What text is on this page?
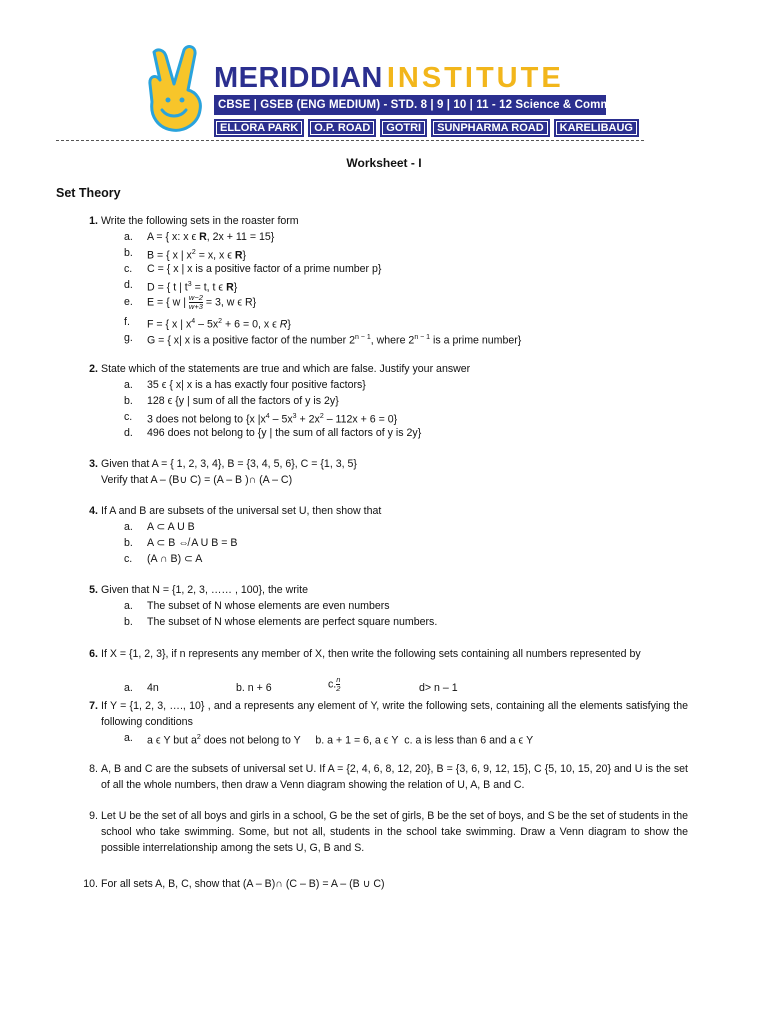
MERIDDIAN INSTITUTE
CBSE | GSEB (ENG MEDIUM) - STD. 8 | 9 | 10 | 11 - 12 Science & Commerce
ELLORA PARK	O.P. ROAD	GOTRI	SUNPHARMA ROAD	KARELIBAUG
Worksheet - I
Set Theory
1. Write the following sets in the roaster form
a. A = { x: x ϵ R, 2x + 11 = 15}
b. B = { x | $x^2 = x$, x ϵ R}
c. C = { x | x is a positive factor of a prime number p}
d. D = { t | $t^3 = t$, t ϵ R}
e. E = { w | $\frac{w-2}{w+3} = 3$, w ϵ R}
f. F = { x | $x^4 - 5x^2 + 6 = 0$, x ϵ R}
g. G = { x| x is a positive factor of the number $2^{n - 1}$, where $2^{n - 1}$ is a prime number}
2. State which of the statements are true and which are false. Justify your answer
a. 35 ϵ { x| x is a has exactly four positive factors}
b. 128 ϵ {y | sum of all the factors of y is 2y}
c. 3 does not belong to {x $|x^4 - 5x^3 + 2x^2 - 112x + 6 = 0$}
d. 496 does not belong to {y | the sum of all factors of y is 2y}
3. Given that A = { 1, 2, 3, 4}, B = {3, 4, 5, 6}, C = {1, 3, 5}
Verify that A – (B∪ C) = (A – B )∩ (A – C)
4. If A and B are subsets of the universal set U, then show that
a. A ⊂ A U B
b. A ⊂ B ⇎ A U B = B
c. (A ∩ B) ⊂ A
5. Given that N = {1, 2, 3, …… , 100}, the write
a. The subset of N whose elements are even numbers
b. The subset of N whose elements are perfect square numbers.
6. If X = {1, 2, 3}, if n represents any member of X, then write the following sets containing all numbers represented by
a. 4n	b. n + 6	c. $\frac{n}{2}$	d> n – 1
7. If Y = {1, 2, 3, …., 10} , and a represents any element of Y, write the following sets, containing all the elements satisfying the following conditions
a. a ϵ Y but $a^2$ does not belong to Y     b. a + 1 = 6, a ϵ Y  c. a is less than 6 and a ϵ Y
8. A, B and C are the subsets of universal set U. If A = {2, 4, 6, 8, 12, 20}, B = {3, 6, 9, 12, 15}, C {5, 10, 15, 20} and U is the set of all the whole numbers, then draw a Venn diagram showing the relation of U, A, B and C.
9. Let U be the set of all boys and girls in a school, G be the set of girls, B be the set of boys, and S be the set of students in the school who take swimming. Some, but not all, students in the school take swimming. Draw a Venn diagram to show the possible interrelationship among the sets U, G, B and S.
10. For all sets A, B, C, show that (A – B)∩ (C – B) = A – (B ∪ C)
